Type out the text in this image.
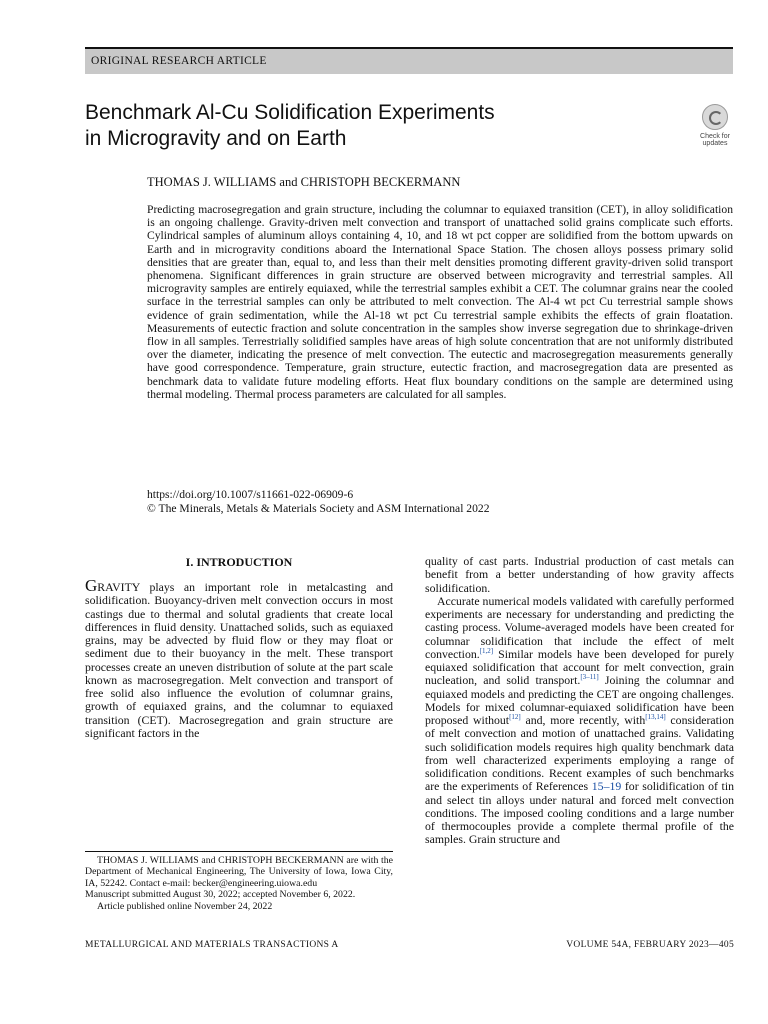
ORIGINAL RESEARCH ARTICLE
Benchmark Al-Cu Solidification Experiments
in Microgravity and on Earth	Check for
updates
THOMAS J. WILLIAMS and CHRISTOPH BECKERMANN

Predicting macrosegregation and grain structure, including the columnar to equiaxed transition (CET), in alloy solidification is an ongoing challenge. Gravity-driven melt convection and transport of unattached solid grains complicate such efforts. Cylindrical samples of aluminum alloys containing 4, 10, and 18 wt pct copper are solidified from the bottom upwards on Earth and in microgravity conditions aboard the International Space Station. The chosen alloys possess primary solid densities that are greater than, equal to, and less than their melt densities promoting different gravity-driven solid transport phenomena. Significant differences in grain structure are observed between microgravity and terrestrial samples. All microgravity samples are entirely equiaxed, while the terrestrial samples exhibit a CET. The columnar grains near the cooled surface in the terrestrial samples can only be attributed to melt convection. The Al-4 wt pct Cu terrestrial sample shows evidence of grain sedimentation, while the Al-18 wt pct Cu terrestrial sample exhibits the effects of grain floatation. Measurements of eutectic fraction and solute concentration in the samples show inverse segregation due to shrinkage-driven flow in all samples. Terrestrially solidified samples have areas of high solute concentration that are not uniformly distributed over the diameter, indicating the presence of melt convection. The eutectic and macrosegregation measurements generally have good correspondence. Temperature, grain structure, eutectic fraction, and macrosegregation data are presented as benchmark data to validate future modeling efforts. Heat flux boundary conditions on the sample are determined using thermal modeling. Thermal process parameters are calculated for all samples.

https://doi.org/10.1007/s11661-022-06909-6
© The Minerals, Metals & Materials Society and ASM International 2022
I. INTRODUCTION

GRAVITY plays an important role in metalcasting and solidification. Buoyancy-driven melt convection occurs in most castings due to thermal and solutal gradients that create local differences in fluid density. Unattached solids, such as equiaxed grains, may be advected by fluid flow or they may float or sediment due to their buoyancy in the melt. These transport processes create an uneven distribution of solute at the part scale known as macrosegregation. Melt convection and transport of free solid also influence the evolution of columnar grains, growth of equiaxed grains, and the columnar to equiaxed transition (CET). Macrosegregation and grain structure are significant factors in the

quality of cast parts. Industrial production of cast metals can benefit from a better understanding of how gravity affects solidification.

Accurate numerical models validated with carefully performed experiments are necessary for understanding and predicting the casting process. Volume-averaged models have been created for columnar solidification that include the effect of melt convection.[1,2] Similar models have been developed for purely equiaxed solidification that account for melt convection, grain nucleation, and solid transport.[3–11] Joining the columnar and equiaxed models and predicting the CET are ongoing challenges. Models for mixed columnar-equiaxed solidification have been proposed without[12] and, more recently, with[13,14] consideration of melt convection and motion of unattached grains. Validating such solidification models requires high quality benchmark data from well characterized experiments employing a range of solidification conditions. Recent examples of such benchmarks are the experiments of References 15–19 for solidification of tin and select tin alloys under natural and forced melt convection conditions. The imposed cooling conditions and a large number of thermocouples provide a complete thermal profile of the samples. Grain structure and

THOMAS J. WILLIAMS and CHRISTOPH BECKERMANN are with the Department of Mechanical Engineering, The University of Iowa, Iowa City, IA, 52242. Contact e-mail: becker@engineering.uiowa.edu

Manuscript submitted August 30, 2022; accepted November 6, 2022.

Article published online November 24, 2022

METALLURGICAL AND MATERIALS TRANSACTIONS A	VOLUME 54A, FEBRUARY 2023—405
